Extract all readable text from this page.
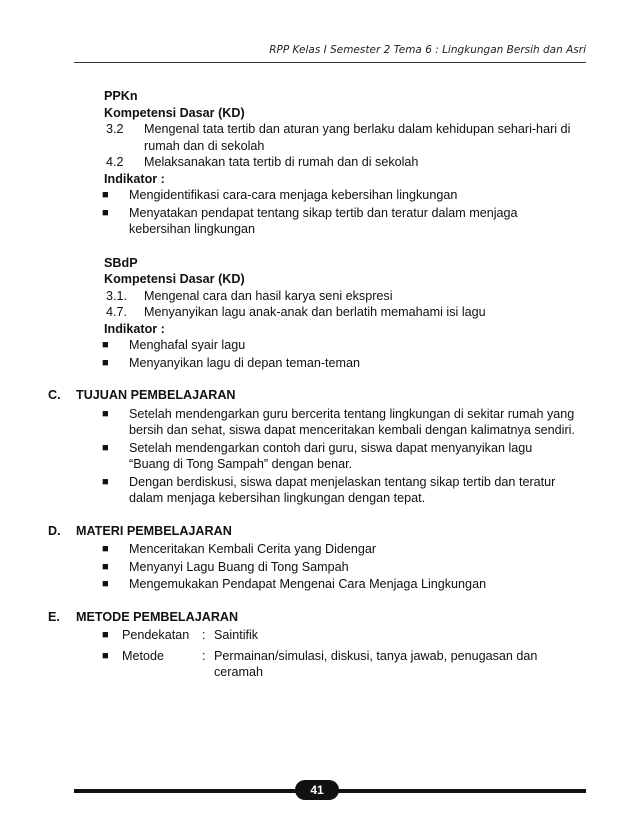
RPP Kelas I Semester 2 Tema 6 : Lingkungan Bersih dan Asri
PPKn
Kompetensi Dasar (KD)
3.2	Mengenal tata tertib dan aturan yang berlaku dalam kehidupan sehari-hari di rumah dan di sekolah
4.2	Melaksanakan tata tertib di rumah dan di sekolah
Indikator :
■	Mengidentifikasi cara-cara menjaga kebersihan lingkungan
■	Menyatakan pendapat tentang sikap tertib dan teratur dalam menjaga kebersihan lingkungan
SBdP
Kompetensi Dasar (KD)
3.1.	Mengenal cara dan hasil karya seni ekspresi
4.7.	Menyanyikan lagu anak-anak dan berlatih memahami isi lagu
Indikator :
■	Menghafal syair lagu
■	Menyanyikan lagu di depan teman-teman
C.	TUJUAN PEMBELAJARAN
■	Setelah mendengarkan guru bercerita tentang lingkungan di sekitar rumah yang bersih dan sehat, siswa dapat menceritakan kembali dengan kalimatnya sendiri.
■	Setelah mendengarkan contoh dari guru, siswa dapat menyanyikan lagu “Buang di Tong Sampah” dengan benar.
■	Dengan berdiskusi, siswa dapat menjelaskan tentang sikap tertib dan teratur dalam menjaga kebersihan lingkungan dengan tepat.
D.	MATERI PEMBELAJARAN
■	Menceritakan Kembali Cerita yang Didengar
■	Menyanyi Lagu Buang di Tong Sampah
■	Mengemukakan Pendapat Mengenai Cara Menjaga Lingkungan
E.	METODE PEMBELAJARAN
■	Pendekatan	: Saintifik
■	Metode	: Permainan/simulasi, diskusi, tanya jawab, penugasan dan ceramah
41
